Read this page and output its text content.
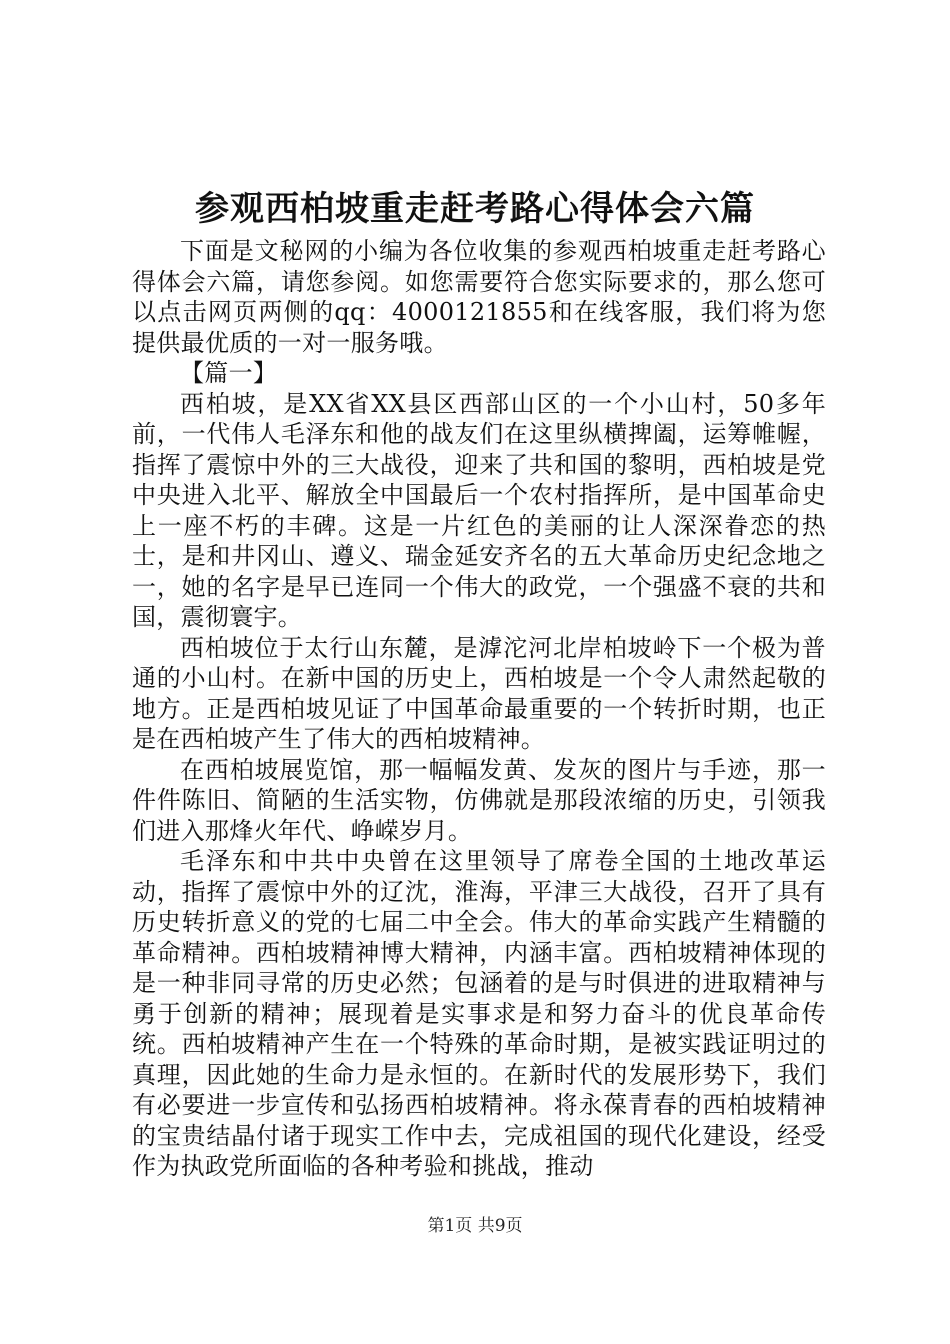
参观西柏坡重走赶考路心得体会六篇

下面是文秘网的小编为各位收集的参观西柏坡重走赶考路心得体会六篇，请您参阅。如您需要符合您实际要求的，那么您可以点击网页两侧的qq：4000121855和在线客服，我们将为您提供最优质的一对一服务哦。

【篇一】

西柏坡，是XX省XX县区西部山区的一个小山村，50多年前，一代伟人毛泽东和他的战友们在这里纵横捭阖，运筹帷幄，指挥了震惊中外的三大战役，迎来了共和国的黎明，西柏坡是党中央进入北平、解放全中国最后一个农村指挥所，是中国革命史上一座不朽的丰碑。这是一片红色的美丽的让人深深眷恋的热士，是和井冈山、遵义、瑞金延安齐名的五大革命历史纪念地之一，她的名字是早已连同一个伟大的政党，一个强盛不衰的共和国，震彻寰宇。

西柏坡位于太行山东麓，是滹沱河北岸柏坡岭下一个极为普通的小山村。在新中国的历史上，西柏坡是一个令人肃然起敬的地方。正是西柏坡见证了中国革命最重要的一个转折时期，也正是在西柏坡产生了伟大的西柏坡精神。

在西柏坡展览馆，那一幅幅发黄、发灰的图片与手迹，那一件件陈旧、简陋的生活实物，仿佛就是那段浓缩的历史，引领我们进入那烽火年代、峥嵘岁月。

毛泽东和中共中央曾在这里领导了席卷全国的土地改革运动，指挥了震惊中外的辽沈，淮海，平津三大战役，召开了具有历史转折意义的党的七届二中全会。伟大的革命实践产生精髓的革命精神。西柏坡精神博大精神，内涵丰富。西柏坡精神体现的是一种非同寻常的历史必然；包涵着的是与时俱进的进取精神与勇于创新的精神；展现着是实事求是和努力奋斗的优良革命传统。西柏坡精神产生在一个特殊的革命时期，是被实践证明过的真理，因此她的生命力是永恒的。在新时代的发展形势下，我们有必要进一步宣传和弘扬西柏坡精神。将永葆青春的西柏坡精神的宝贵结晶付诸于现实工作中去，完成祖国的现代化建设，经受作为执政党所面临的各种考验和挑战，推动

第1页 共9页
